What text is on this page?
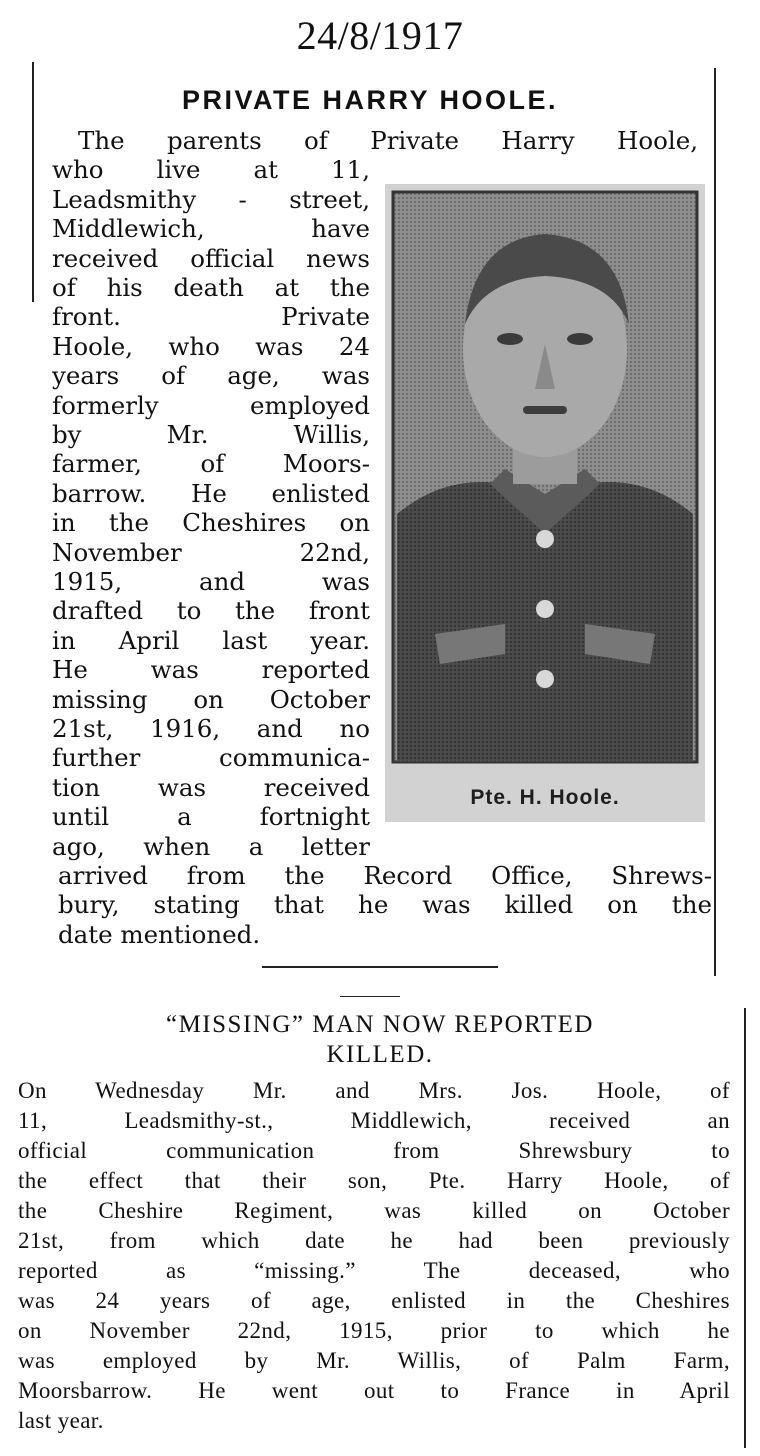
24/8/1917
PRIVATE HARRY HOOLE.
Pte. H. Hoole.
The parents of Private Harry Hoole,
who live at 11,
Leadsmithy - street,
Middlewich, have
received official news
of his death at the
front. Private
Hoole, who was 24
years of age, was
formerly employed
by Mr. Willis,
farmer, of Moors-
barrow. He enlisted
in the Cheshires on
November 22nd,
1915, and was
drafted to the front
in April last year.
He was reported
missing on October
21st, 1916, and no
further communica-
tion was received
until a fortnight
ago, when a letter
arrived from the Record Office, Shrews-
bury, stating that he was killed on the
date mentioned.
“MISSING” MAN NOW REPORTED
KILLED.
On Wednesday Mr. and Mrs. Jos. Hoole, of
11, Leadsmithy-st., Middlewich, received an
official communication from Shrewsbury to
the effect that their son, Pte. Harry Hoole, of
the Cheshire Regiment, was killed on October
21st, from which date he had been previously
reported as “missing.” The deceased, who
was 24 years of age, enlisted in the Cheshires
on November 22nd, 1915, prior to which he
was employed by Mr. Willis, of Palm Farm,
Moorsbarrow. He went out to France in April
last year.
